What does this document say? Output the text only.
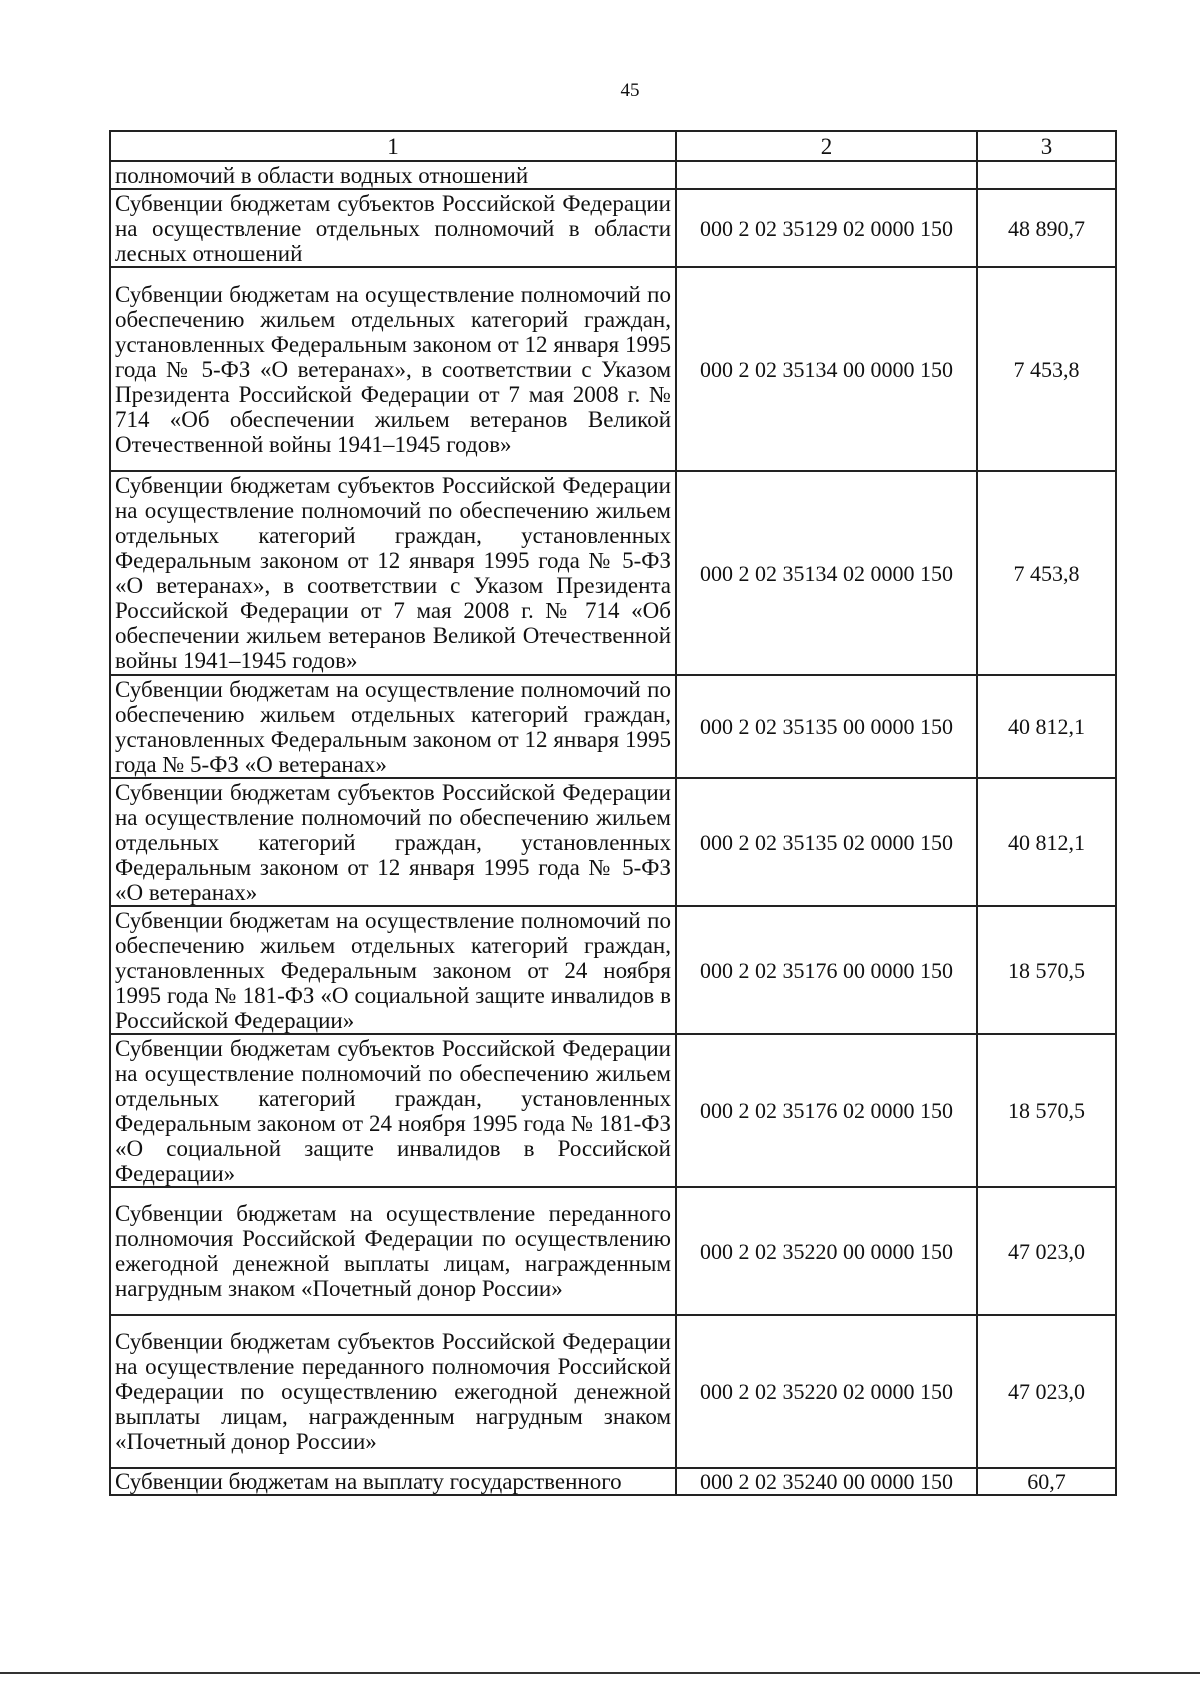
45
1	2	3
полномочий в области водных отношений		
Субвенции бюджетам субъектов Российской Федерации на осуществление отдельных полномочий в области лесных отношений	000 2 02 35129 02 0000 150	48 890,7
Субвенции бюджетам на осуществление полномочий по обеспечению жильем отдельных категорий граждан, установленных Федеральным законом от 12 января 1995 года № 5-ФЗ «О ветеранах», в соответствии с Указом Президента Российской Федерации от 7 мая 2008 г. № 714 «Об обеспечении жильем ветеранов Великой Отечественной войны 1941–1945 годов»	000 2 02 35134 00 0000 150	7 453,8
Субвенции бюджетам субъектов Российской Федерации на осуществление полномочий по обеспечению жильем отдельных категорий граждан, установленных Федеральным законом от 12 января 1995 года № 5-ФЗ «О ветеранах», в соответствии с Указом Президента Российской Федерации от 7 мая 2008 г. № 714 «Об обеспечении жильем ветеранов Великой Отечественной войны 1941–1945 годов»	000 2 02 35134 02 0000 150	7 453,8
Субвенции бюджетам на осуществление полномочий по обеспечению жильем отдельных категорий граждан, установленных Федеральным законом от 12 января 1995 года № 5-ФЗ «О ветеранах»	000 2 02 35135 00 0000 150	40 812,1
Субвенции бюджетам субъектов Российской Федерации на осуществление полномочий по обеспечению жильем отдельных категорий граждан, установленных Федеральным законом от 12 января 1995 года № 5-ФЗ «О ветеранах»	000 2 02 35135 02 0000 150	40 812,1
Субвенции бюджетам на осуществление полномочий по обеспечению жильем отдельных категорий граждан, установленных Федеральным законом от 24 ноября 1995 года № 181-ФЗ «О социальной защите инвалидов в Российской Федерации»	000 2 02 35176 00 0000 150	18 570,5
Субвенции бюджетам субъектов Российской Федерации на осуществление полномочий по обеспечению жильем отдельных категорий граждан, установленных Федеральным законом от 24 ноября 1995 года № 181-ФЗ «О социальной защите инвалидов в Российской Федерации»	000 2 02 35176 02 0000 150	18 570,5
Субвенции бюджетам на осуществление переданного полномочия Российской Федерации по осуществлению ежегодной денежной выплаты лицам, награжденным нагрудным знаком «Почетный донор России»	000 2 02 35220 00 0000 150	47 023,0
Субвенции бюджетам субъектов Российской Федерации на осуществление переданного полномочия Российской Федерации по осуществлению ежегодной денежной выплаты лицам, награжденным нагрудным знаком «Почетный донор России»	000 2 02 35220 02 0000 150	47 023,0
Субвенции бюджетам на выплату государственного	000 2 02 35240 00 0000 150	60,7
